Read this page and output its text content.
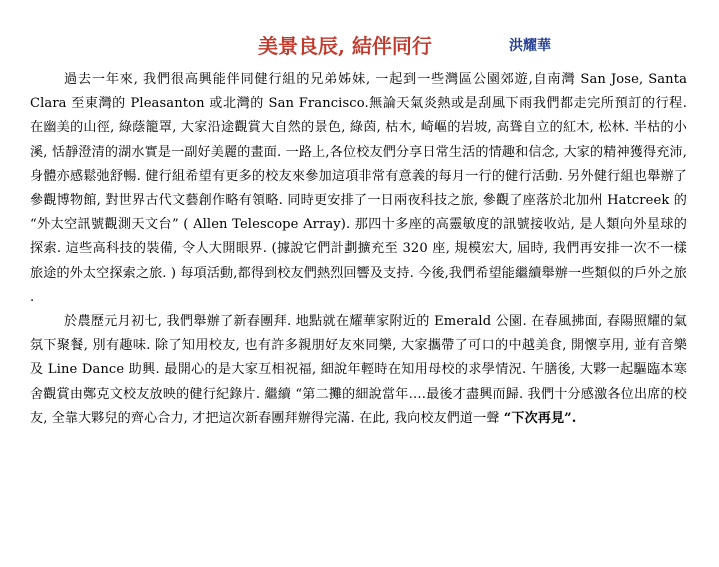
美景良辰, 結伴同行	洪耀華

過去一年來, 我們很高興能伴同健行組的兄弟姊妹, 一起到一些灣區公園郊遊,自南灣 San Jose, Santa Clara 至東灣的 Pleasanton 或北灣的 San Francisco.無論天氣炎熱或是刮風下雨我們都走完所預訂的行程. 在幽美的山徑, 綠蔭籠罩, 大家沿途觀賞大自然的景色, 綠茵, 枯木, 崎嶇的岩坡, 高聳自立的紅木, 松林. 半枯的小溪, 恬靜澄清的湖水實是一副好美麗的畫面. 一路上,各位校友們分享日常生活的情趣和信念, 大家的精神獲得充沛, 身體亦感鬆弛舒暢. 健行組希望有更多的校友來參加這項非常有意義的每月一行的健行活動. 另外健行組也舉辦了參觀博物館, 對世界古代文藝創作略有領略. 同時更安排了一日兩夜科技之旅, 參觀了座落於北加州 Hatcreek 的 “外太空訊號觀測天文台” ( Allen Telescope Array). 那四十多座的高靈敏度的訊號接收站, 是人類向外星球的探索. 這些高科技的裝備, 令人大開眼界. (據說它們計劃擴充至 320 座, 規模宏大, 屆時, 我們再安排一次不一樣旅途的外太空探索之旅. ) 每項活動,都得到校友們熱烈回響及支持. 今後,我們希望能繼續舉辦一些類似的戶外之旅 .

於農歷元月初七, 我們舉辦了新春團拜. 地點就在耀華家附近的 Emerald 公園. 在春風拂面, 春陽照耀的氣氛下聚餐, 別有趣味. 除了知用校友, 也有許多親朋好友來同樂, 大家攜帶了可口的中越美食, 開懷享用, 並有音樂及 Line Dance 助興. 最開心的是大家互相祝福, 細說年輕時在知用母校的求學情況. 午膳後, 大夥一起驅臨本寒舍觀賞由鄭克文校友放映的健行紀錄片. 繼續 “第二攤的細說當年….最後才盡興而歸. 我們十分感激各位出席的校友, 全靠大夥兒的齊心合力, 才把這次新春團拜辦得完滿. 在此, 我向校友們道一聲 “下次再見”.
